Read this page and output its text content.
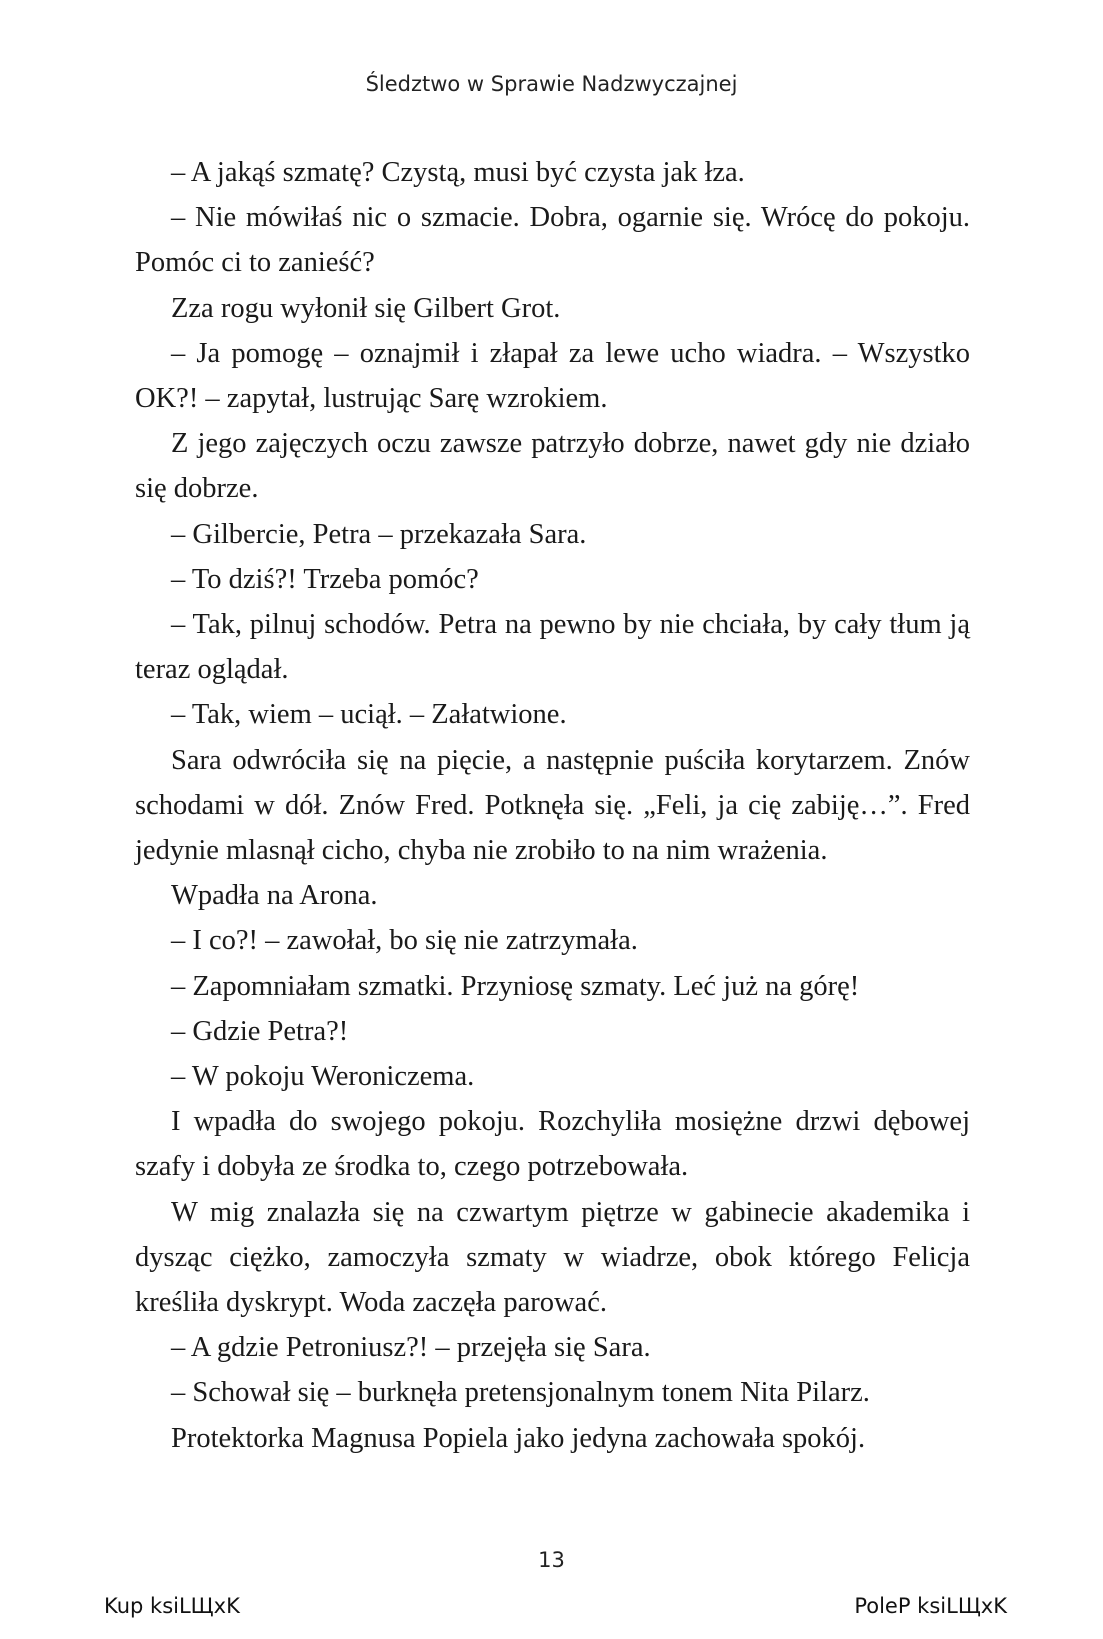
Śledztwo w Sprawie Nadzwyczajnej

– A jakąś szmatę? Czystą, musi być czysta jak łza.

– Nie mówiłaś nic o szmacie. Dobra, ogarnie się. Wrócę do pokoju. Pomóc ci to zanieść?

Zza rogu wyłonił się Gilbert Grot.

– Ja pomogę – oznajmił i złapał za lewe ucho wiadra. – Wszystko OK?! – zapytał, lustrując Sarę wzrokiem.

Z jego zajęczych oczu zawsze patrzyło dobrze, nawet gdy nie działo się dobrze.

– Gilbercie, Petra – przekazała Sara.

– To dziś?! Trzeba pomóc?

– Tak, pilnuj schodów. Petra na pewno by nie chciała, by cały tłum ją teraz oglądał.

– Tak, wiem – uciął. – Załatwione.

Sara odwróciła się na pięcie, a następnie puściła korytarzem. Znów schodami w dół. Znów Fred. Potknęła się. „Feli, ja cię zabiję…”. Fred jedynie mlasnął cicho, chyba nie zrobiło to na nim wrażenia.

Wpadła na Arona.

– I co?! – zawołał, bo się nie zatrzymała.

– Zapomniałam szmatki. Przyniosę szmaty. Leć już na górę!

– Gdzie Petra?!

– W pokoju Weroniczema.

I wpadła do swojego pokoju. Rozchyliła mosiężne drzwi dębowej szafy i dobyła ze środka to, czego potrzebowała.

W mig znalazła się na czwartym piętrze w gabinecie akademika i dysząc ciężko, zamoczyła szmaty w wiadrze, obok którego Felicja kreśliła dyskrypt. Woda zaczęła parować.

– A gdzie Petroniusz?! – przejęła się Sara.

– Schował się – burknęła pretensjonalnym tonem Nita Pilarz.

Protektorka Magnusa Popiela jako jedyna zachowała spokój.

13
Kup ksiLЩxK	PoleP ksiLЩxK
